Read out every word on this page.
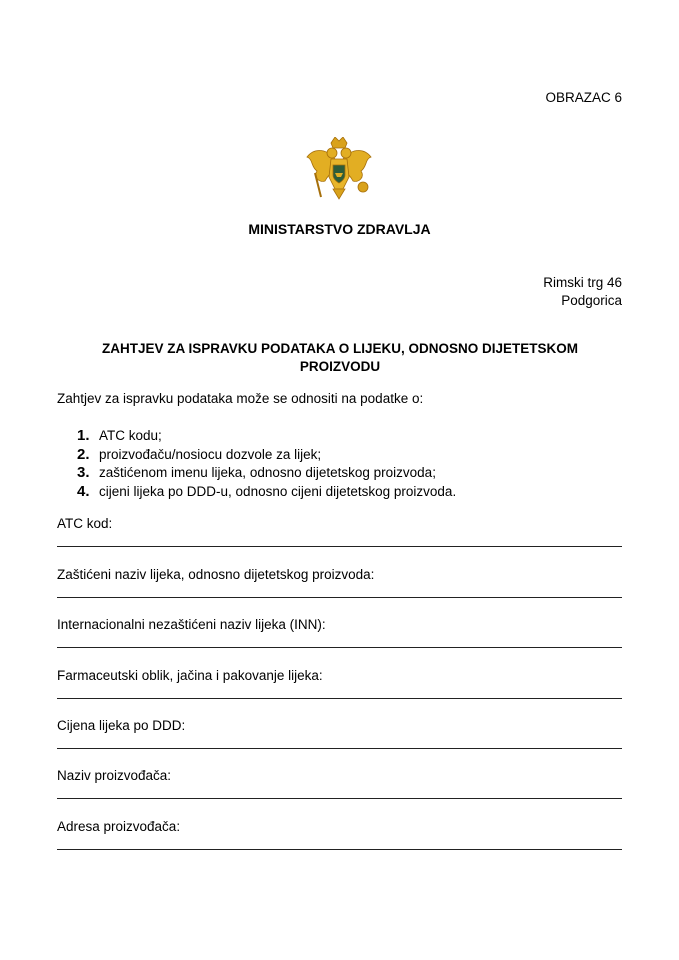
OBRAZAC 6
MINISTARSTVO ZDRAVLJA
Rimski trg 46
Podgorica
ZAHTJEV ZA ISPRAVKU PODATAKA O LIJEKU, ODNOSNO DIJETETSKOM PROIZVODU
Zahtjev za ispravku podataka može se odnositi na podatke o:
1. ATC kodu;
2. proizvođaču/nosiocu dozvole za lijek;
3. zaštićenom imenu lijeka, odnosno dijetetskog proizvoda;
4. cijeni lijeka po DDD-u, odnosno cijeni dijetetskog proizvoda.
ATC kod:
Zaštićeni naziv lijeka, odnosno dijetetskog proizvoda:
Internacionalni nezaštićeni naziv lijeka (INN):
Farmaceutski oblik, jačina i pakovanje lijeka:
Cijena lijeka po DDD:
Naziv proizvođača:
Adresa proizvođača:
